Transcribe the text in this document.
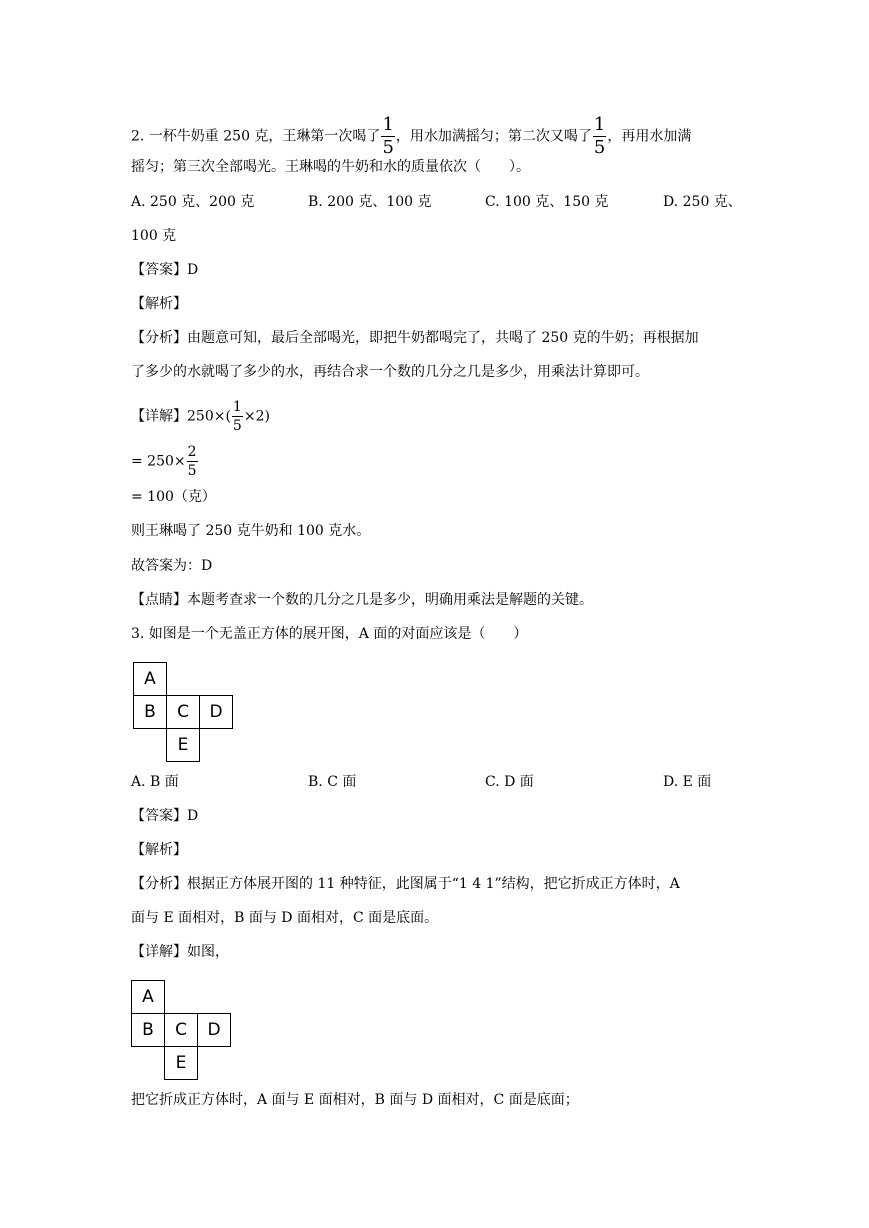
2. 一杯牛奶重 250 克，王琳第一次喝了 $\frac{1}{5}$ ，用水加满摇匀；第二次又喝了 $\frac{1}{5}$ ，再用水加满
摇匀；第三次全部喝光。王琳喝的牛奶和水的质量依次（　　）。
A. 250 克、200 克	B. 200 克、100 克	C. 100 克、150 克	D. 250 克、
100 克
【答案】D
【解析】
【分析】由题意可知，最后全部喝光，即把牛奶都喝完了，共喝了 250 克的牛奶；再根据加
了多少的水就喝了多少的水，再结合求一个数的几分之几是多少，用乘法计算即可。
【详解】$250\times( \frac{1}{5} \times 2)$
= $250\times \frac{2}{5}$
= 100（克）
则王琳喝了 250 克牛奶和 100 克水。
故答案为：D
【点睛】本题考查求一个数的几分之几是多少，明确用乘法是解题的关键。
3. 如图是一个无盖正方体的展开图，A 面的对面应该是（　　）
A
B	C	D
E
A. B 面	B. C 面	C. D 面	D. E 面
【答案】D
【解析】
【分析】根据正方体展开图的 11 种特征，此图属于“1 4 1”结构，把它折成正方体时，A
面与 E 面相对，B 面与 D 面相对，C 面是底面。
【详解】如图，
A
B	C	D
E
把它折成正方体时，A 面与 E 面相对，B 面与 D 面相对，C 面是底面；
